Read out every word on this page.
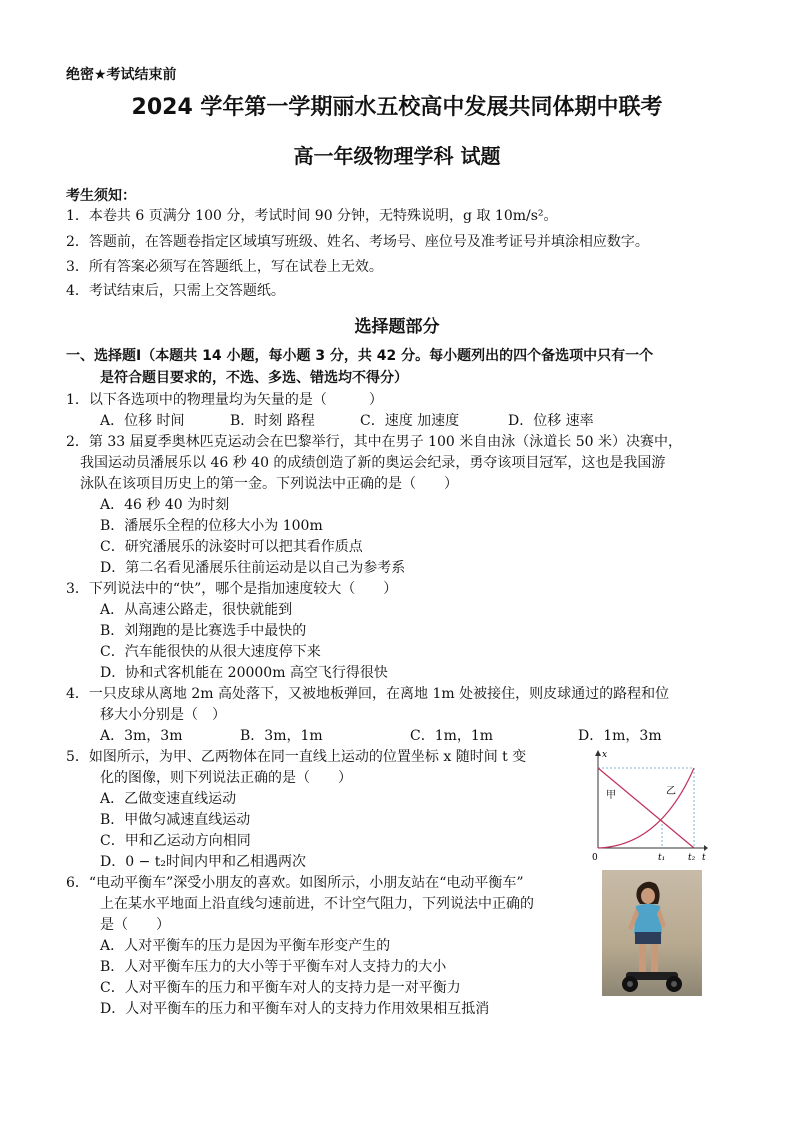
绝密★考试结束前
2024 学年第一学期丽水五校高中发展共同体期中联考
高一年级物理学科 试题
考生须知：
1．本卷共 6 页满分 100 分，考试时间 90 分钟，无特殊说明，g 取 10m/s²。
2．答题前，在答题卷指定区域填写班级、姓名、考场号、座位号及准考证号并填涂相应数字。
3．所有答案必须写在答题纸上，写在试卷上无效。
4．考试结束后，只需上交答题纸。
选择题部分
一、选择题Ⅰ（本题共 14 小题，每小题 3 分，共 42 分。每小题列出的四个备选项中只有一个
是符合题目要求的，不选、多选、错选均不得分）
1．以下各选项中的物理量均为矢量的是（　　　）
A．位移 时间	B．时刻 路程	C．速度 加速度	D．位移 速率
2．第 33 届夏季奥林匹克运动会在巴黎举行，其中在男子 100 米自由泳（泳道长 50 米）决赛中，
我国运动员潘展乐以 46 秒 40 的成绩创造了新的奥运会纪录，勇夺该项目冠军，这也是我国游
泳队在该项目历史上的第一金。下列说法中正确的是（　　）
A．46 秒 40 为时刻
B．潘展乐全程的位移大小为 100m
C．研究潘展乐的泳姿时可以把其看作质点
D．第二名看见潘展乐往前运动是以自己为参考系
3．下列说法中的“快”，哪个是指加速度较大（　　）
A．从高速公路走，很快就能到
B．刘翔跑的是比赛选手中最快的
C．汽车能很快的从很大速度停下来
D．协和式客机能在 20000m 高空飞行得很快
4．一只皮球从离地 2m 高处落下，又被地板弹回，在离地 1m 处被接住，则皮球通过的路程和位
移大小分别是（　）
A．3m，3m	B．3m，1m	C．1m，1m	D．1m，3m
5．如图所示，为甲、乙两物体在同一直线上运动的位置坐标 x 随时间 t 变
化的图像，则下列说法正确的是（　　）
A．乙做变速直线运动
B．甲做匀减速直线运动
C．甲和乙运动方向相同
D．0 − t₂时间内甲和乙相遇两次
x
t
0	t₁	t₂
甲	乙
6．“电动平衡车”深受小朋友的喜欢。如图所示，小朋友站在“电动平衡车”
上在某水平地面上沿直线匀速前进，不计空气阻力，下列说法中正确的
是（　　）
A．人对平衡车的压力是因为平衡车形变产生的
B．人对平衡车压力的大小等于平衡车对人支持力的大小
C．人对平衡车的压力和平衡车对人的支持力是一对平衡力
D．人对平衡车的压力和平衡车对人的支持力作用效果相互抵消
